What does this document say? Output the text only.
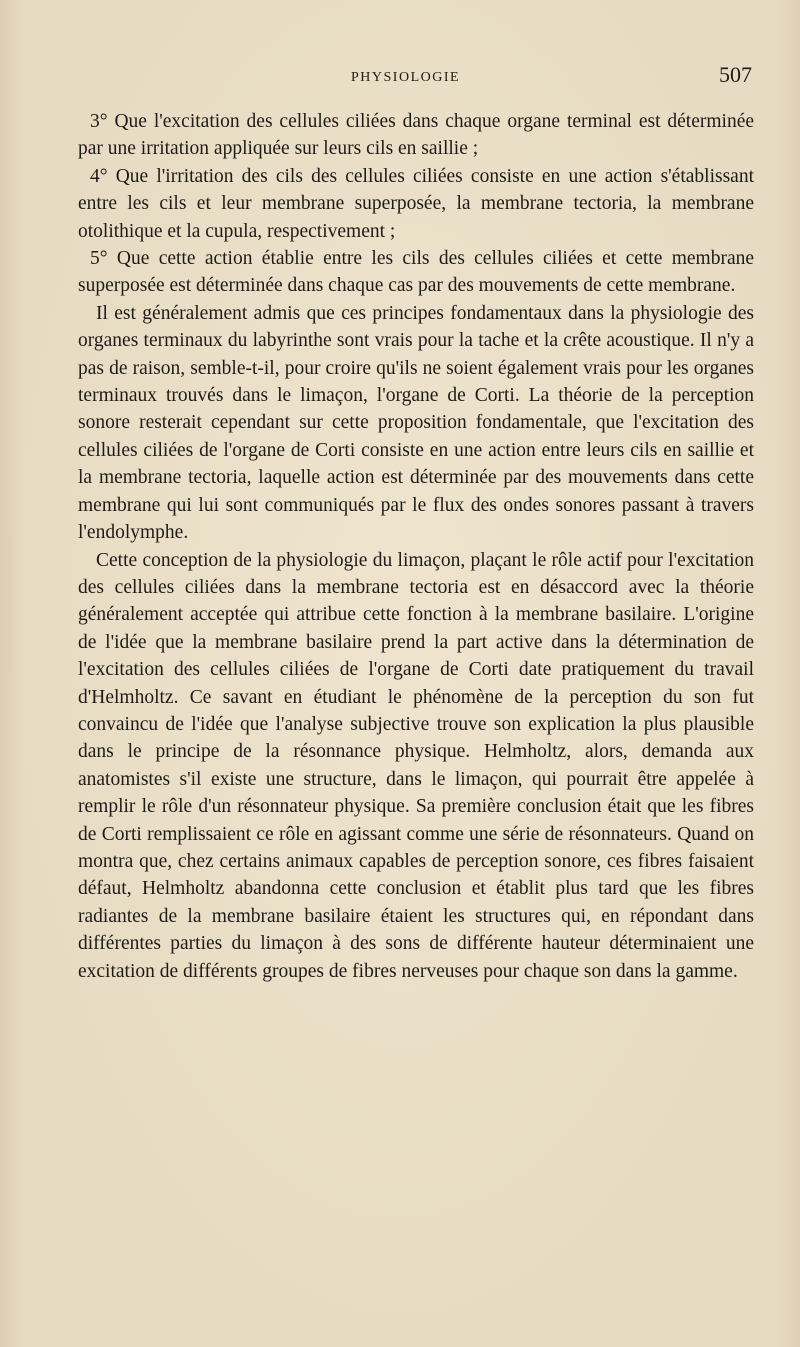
PHYSIOLOGIE	507

3° Que l'excitation des cellules ciliées dans chaque organe terminal est déterminée par une irritation appliquée sur leurs cils en saillie ;

4° Que l'irritation des cils des cellules ciliées consiste en une action s'établissant entre les cils et leur membrane superposée, la membrane tectoria, la membrane otolithique et la cupula, respectivement ;

5° Que cette action établie entre les cils des cellules ciliées et cette membrane superposée est déterminée dans chaque cas par des mouvements de cette membrane.

Il est généralement admis que ces principes fondamentaux dans la physiologie des organes terminaux du labyrinthe sont vrais pour la tache et la crête acoustique. Il n'y a pas de raison, semble-t-il, pour croire qu'ils ne soient également vrais pour les organes terminaux trouvés dans le limaçon, l'organe de Corti. La théorie de la perception sonore resterait cependant sur cette proposition fondamentale, que l'excitation des cellules ciliées de l'organe de Corti consiste en une action entre leurs cils en saillie et la membrane tectoria, laquelle action est déterminée par des mouvements dans cette membrane qui lui sont communiqués par le flux des ondes sonores passant à travers l'endolymphe.

Cette conception de la physiologie du limaçon, plaçant le rôle actif pour l'excitation des cellules ciliées dans la membrane tectoria est en désaccord avec la théorie généralement acceptée qui attribue cette fonction à la membrane basilaire. L'origine de l'idée que la membrane basilaire prend la part active dans la détermination de l'excitation des cellules ciliées de l'organe de Corti date pratiquement du travail d'Helmholtz. Ce savant en étudiant le phénomène de la perception du son fut convaincu de l'idée que l'analyse subjective trouve son explication la plus plausible dans le principe de la résonnance physique. Helmholtz, alors, demanda aux anatomistes s'il existe une structure, dans le limaçon, qui pourrait être appelée à remplir le rôle d'un résonnateur physique. Sa première conclusion était que les fibres de Corti remplissaient ce rôle en agissant comme une série de résonnateurs. Quand on montra que, chez certains animaux capables de perception sonore, ces fibres faisaient défaut, Helmholtz abandonna cette conclusion et établit plus tard que les fibres radiantes de la membrane basilaire étaient les structures qui, en répondant dans différentes parties du limaçon à des sons de différente hauteur déterminaient une excitation de différents groupes de fibres nerveuses pour chaque son dans la gamme.
